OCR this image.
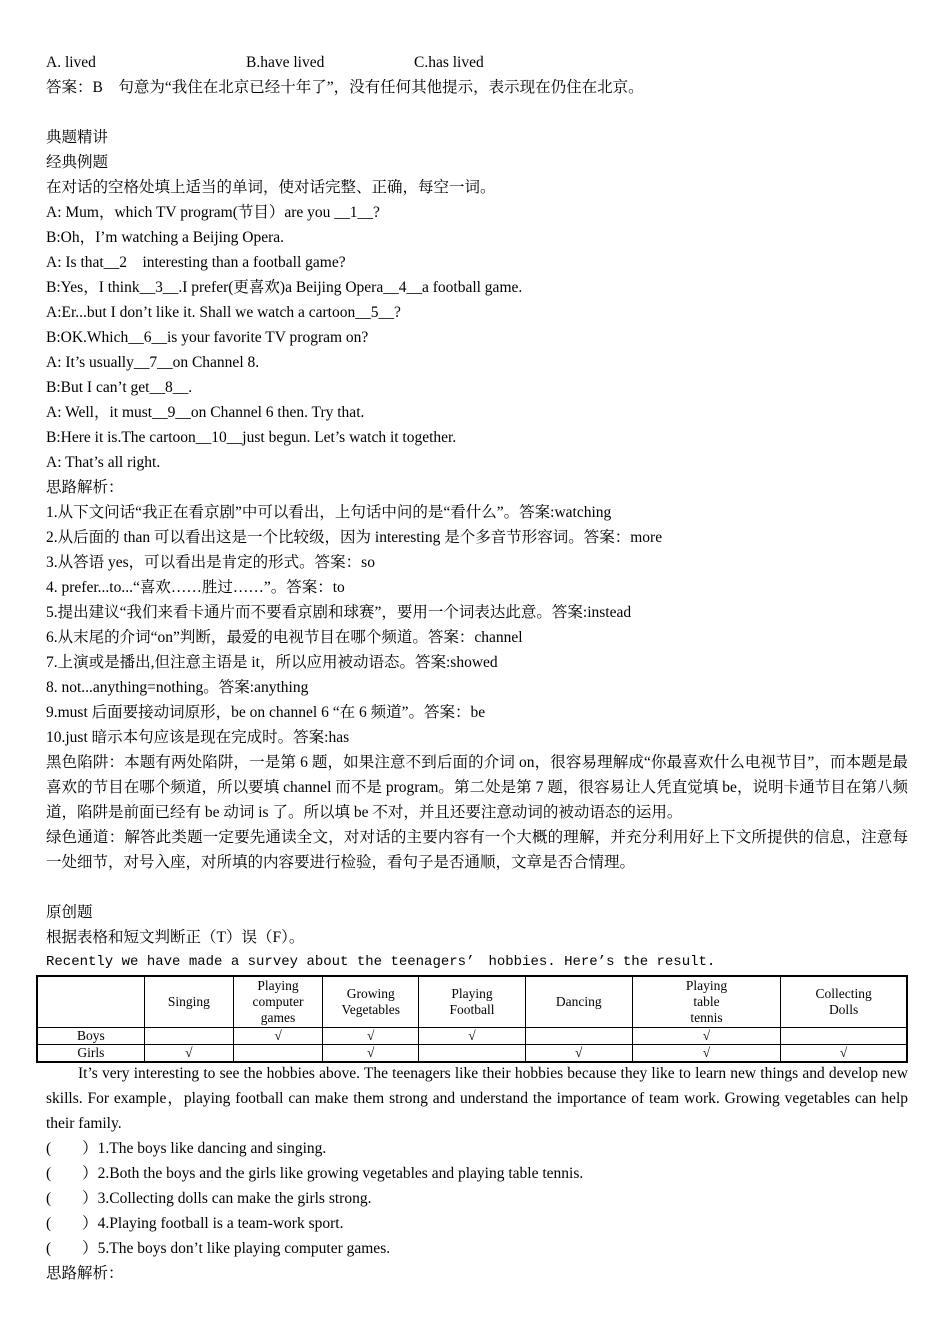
A. lived	B.have lived	C.has lived
答案：B　句意为“我住在北京已经十年了”，没有任何其他提示，表示现在仍住在北京。
典题精讲
经典例题
在对话的空格处填上适当的单词，使对话完整、正确，每空一词。
A: Mum，which TV program(节目）are you __1__?
B:Oh，I’m watching a Beijing Opera.
A: Is that__2　interesting than a football game?
B:Yes，I think__3__.I prefer(更喜欢)a Beijing Opera__4__a football game.
A:Er...but I don’t like it. Shall we watch a cartoon__5__?
B:OK.Which__6__is your favorite TV program on?
A: It’s usually__7__on Channel 8.
B:But I can’t get__8__.
A: Well，it must__9__on Channel 6 then. Try that.
B:Here it is.The cartoon__10__just begun. Let’s watch it together.
A: That’s all right.
思路解析：
1.从下文问话“我正在看京剧”中可以看出，上句话中问的是“看什么”。答案:watching
2.从后面的 than 可以看出这是一个比较级，因为 interesting 是个多音节形容词。答案：more
3.从答语 yes，可以看出是肯定的形式。答案：so
4. prefer...to...“喜欢……胜过……”。答案：to
5.提出建议“我们来看卡通片而不要看京剧和球赛”，要用一个词表达此意。答案:instead
6.从末尾的介词“on”判断，最爱的电视节目在哪个频道。答案：channel
7.上演或是播出,但注意主语是 it，所以应用被动语态。答案:showed
8. not...anything=nothing。答案:anything
9.must 后面要接动词原形，be on channel 6 “在 6 频道”。答案：be
10.just 暗示本句应该是现在完成时。答案:has
黑色陷阱：本题有两处陷阱，一是第 6 题，如果注意不到后面的介词 on，很容易理解成“你最喜欢什么电视节目”，而本题是最喜欢的节目在哪个频道，所以要填 channel 而不是 program。第二处是第 7 题，很容易让人凭直觉填 be，说明卡通节目在第八频道，陷阱是前面已经有 be 动词 is 了。所以填 be 不对，并且还要注意动词的被动语态的运用。
绿色通道：解答此类题一定要先通读全文，对对话的主要内容有一个大概的理解，并充分利用好上下文所提供的信息，注意每一处细节，对号入座，对所填的内容要进行检验，看句子是否通顺，文章是否合情理。
原创题
根据表格和短文判断正（T）误（F）。
Recently we have made a survey about the teenagers’　hobbies. Here’s the result.
	Singing	Playing
computer
games	Growing
Vegetables	Playing
Football	Dancing	Playing
table
tennis	Collecting
Dolls
Boys		√	√	√		√	
Girls	√		√		√	√	√
It’s very interesting to see the hobbies above. The teenagers like their hobbies because they like to learn new things and develop new skills. For example，playing football can make them strong and understand the importance of team work. Growing vegetables can help their family.
(　　）1.The boys like dancing and singing.
(　　）2.Both the boys and the girls like growing vegetables and playing table tennis.
(　　）3.Collecting dolls can make the girls strong.
(　　）4.Playing football is a team-work sport.
(　　）5.The boys don’t like playing computer games.
思路解析：
